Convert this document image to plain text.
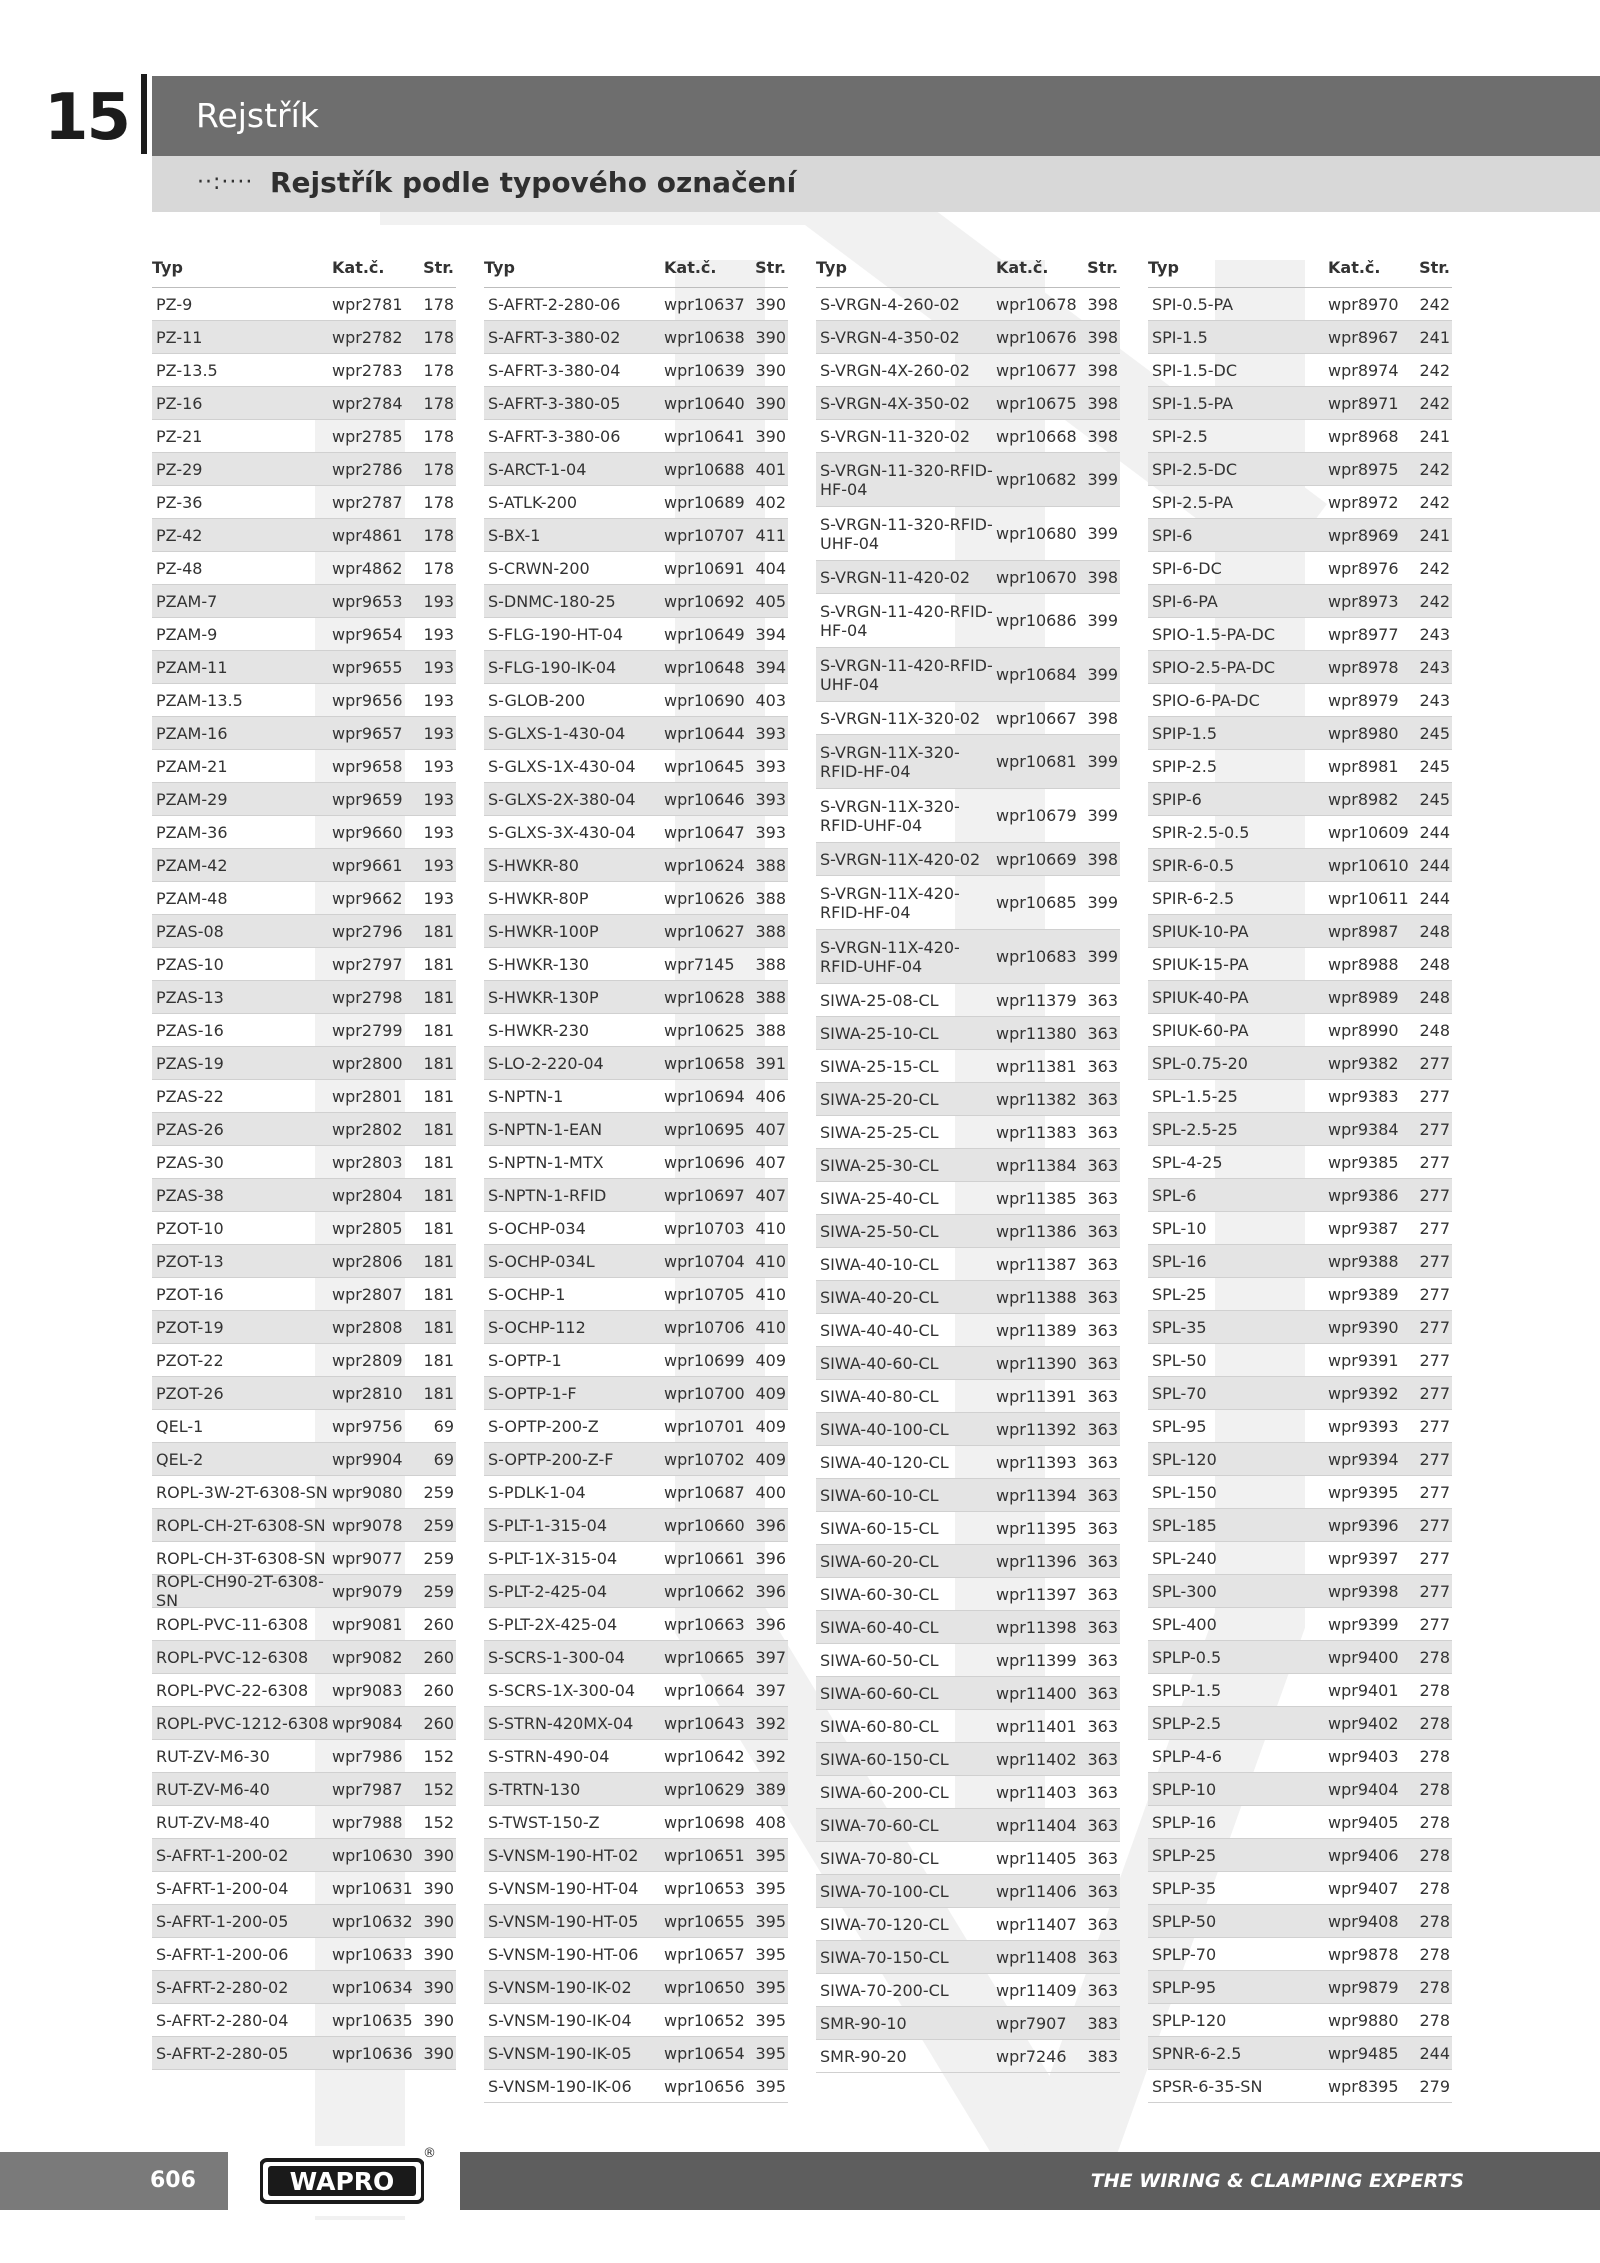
15 Rejstřík
··:···· Rejstřík podle typového označení
Typ	Kat.č.	Str.
PZ-9	wpr2781	178
PZ-11	wpr2782	178
PZ-13.5	wpr2783	178
PZ-16	wpr2784	178
PZ-21	wpr2785	178
PZ-29	wpr2786	178
PZ-36	wpr2787	178
PZ-42	wpr4861	178
PZ-48	wpr4862	178
PZAM-7	wpr9653	193
PZAM-9	wpr9654	193
PZAM-11	wpr9655	193
PZAM-13.5	wpr9656	193
PZAM-16	wpr9657	193
PZAM-21	wpr9658	193
PZAM-29	wpr9659	193
PZAM-36	wpr9660	193
PZAM-42	wpr9661	193
PZAM-48	wpr9662	193
PZAS-08	wpr2796	181
PZAS-10	wpr2797	181
PZAS-13	wpr2798	181
PZAS-16	wpr2799	181
PZAS-19	wpr2800	181
PZAS-22	wpr2801	181
PZAS-26	wpr2802	181
PZAS-30	wpr2803	181
PZAS-38	wpr2804	181
PZOT-10	wpr2805	181
PZOT-13	wpr2806	181
PZOT-16	wpr2807	181
PZOT-19	wpr2808	181
PZOT-22	wpr2809	181
PZOT-26	wpr2810	181
QEL-1	wpr9756	69
QEL-2	wpr9904	69
ROPL-3W-2T-6308-SN wpr9080	259
ROPL-CH-2T-6308-SN wpr9078	259
ROPL-CH-3T-6308-SN wpr9077	259
ROPL-CH90-2T-6308-SN	wpr9079	259
ROPL-PVC-11-6308	wpr9081	260
ROPL-PVC-12-6308	wpr9082	260
ROPL-PVC-22-6308	wpr9083	260
ROPL-PVC-1212-6308 wpr9084	260
RUT-ZV-M6-30	wpr7986	152
RUT-ZV-M6-40	wpr7987	152
RUT-ZV-M8-40	wpr7988	152
S-AFRT-1-200-02	wpr10630 390
S-AFRT-1-200-04	wpr10631 390
S-AFRT-1-200-05	wpr10632 390
S-AFRT-1-200-06	wpr10633 390
S-AFRT-2-280-02	wpr10634 390
S-AFRT-2-280-04	wpr10635 390
S-AFRT-2-280-05	wpr10636 390
Typ	Kat.č.	Str.
S-AFRT-2-280-06	wpr10637 390
S-AFRT-3-380-02	wpr10638 390
S-AFRT-3-380-04	wpr10639 390
S-AFRT-3-380-05	wpr10640 390
S-AFRT-3-380-06	wpr10641 390
S-ARCT-1-04	wpr10688 401
S-ATLK-200	wpr10689 402
S-BX-1	wpr10707 411
S-CRWN-200	wpr10691 404
S-DNMC-180-25	wpr10692 405
S-FLG-190-HT-04	wpr10649 394
S-FLG-190-IK-04	wpr10648 394
S-GLOB-200	wpr10690 403
S-GLXS-1-430-04	wpr10644 393
S-GLXS-1X-430-04	wpr10645 393
S-GLXS-2X-380-04	wpr10646 393
S-GLXS-3X-430-04	wpr10647 393
S-HWKR-80	wpr10624 388
S-HWKR-80P	wpr10626 388
S-HWKR-100P	wpr10627 388
S-HWKR-130	wpr7145	388
S-HWKR-130P	wpr10628 388
S-HWKR-230	wpr10625 388
S-LO-2-220-04	wpr10658 391
S-NPTN-1	wpr10694 406
S-NPTN-1-EAN	wpr10695 407
S-NPTN-1-MTX	wpr10696 407
S-NPTN-1-RFID	wpr10697 407
S-OCHP-034	wpr10703 410
S-OCHP-034L	wpr10704 410
S-OCHP-1	wpr10705 410
S-OCHP-112	wpr10706 410
S-OPTP-1	wpr10699 409
S-OPTP-1-F	wpr10700 409
S-OPTP-200-Z	wpr10701 409
S-OPTP-200-Z-F	wpr10702 409
S-PDLK-1-04	wpr10687 400
S-PLT-1-315-04	wpr10660 396
S-PLT-1X-315-04	wpr10661 396
S-PLT-2-425-04	wpr10662 396
S-PLT-2X-425-04	wpr10663 396
S-SCRS-1-300-04	wpr10665 397
S-SCRS-1X-300-04	wpr10664 397
S-STRN-420MX-04	wpr10643 392
S-STRN-490-04	wpr10642 392
S-TRTN-130	wpr10629 389
S-TWST-150-Z	wpr10698 408
S-VNSM-190-HT-02	wpr10651 395
S-VNSM-190-HT-04	wpr10653 395
S-VNSM-190-HT-05	wpr10655 395
S-VNSM-190-HT-06	wpr10657 395
S-VNSM-190-IK-02	wpr10650 395
S-VNSM-190-IK-04	wpr10652 395
S-VNSM-190-IK-05	wpr10654 395
S-VNSM-190-IK-06	wpr10656 395
Typ	Kat.č.	Str.
S-VRGN-4-260-02	wpr10678 398
S-VRGN-4-350-02	wpr10676 398
S-VRGN-4X-260-02	wpr10677 398
S-VRGN-4X-350-02	wpr10675 398
S-VRGN-11-320-02	wpr10668 398
S-VRGN-11-320-RFID-HF-04	wpr10682 399
S-VRGN-11-320-RFID-UHF-04	wpr10680 399
S-VRGN-11-420-02	wpr10670 398
S-VRGN-11-420-RFID-HF-04	wpr10686 399
S-VRGN-11-420-RFID-UHF-04	wpr10684 399
S-VRGN-11X-320-02 wpr10667 398
S-VRGN-11X-320-RFID-HF-04	wpr10681 399
S-VRGN-11X-320-RFID-UHF-04	wpr10679 399
S-VRGN-11X-420-02 wpr10669 398
S-VRGN-11X-420-RFID-HF-04	wpr10685 399
S-VRGN-11X-420-RFID-UHF-04	wpr10683 399
SIWA-25-08-CL	wpr11379 363
SIWA-25-10-CL	wpr11380 363
SIWA-25-15-CL	wpr11381 363
SIWA-25-20-CL	wpr11382 363
SIWA-25-25-CL	wpr11383 363
SIWA-25-30-CL	wpr11384 363
SIWA-25-40-CL	wpr11385 363
SIWA-25-50-CL	wpr11386 363
SIWA-40-10-CL	wpr11387 363
SIWA-40-20-CL	wpr11388 363
SIWA-40-40-CL	wpr11389 363
SIWA-40-60-CL	wpr11390 363
SIWA-40-80-CL	wpr11391 363
SIWA-40-100-CL	wpr11392 363
SIWA-40-120-CL	wpr11393 363
SIWA-60-10-CL	wpr11394 363
SIWA-60-15-CL	wpr11395 363
SIWA-60-20-CL	wpr11396 363
SIWA-60-30-CL	wpr11397 363
SIWA-60-40-CL	wpr11398 363
SIWA-60-50-CL	wpr11399 363
SIWA-60-60-CL	wpr11400 363
SIWA-60-80-CL	wpr11401 363
SIWA-60-150-CL	wpr11402 363
SIWA-60-200-CL	wpr11403 363
SIWA-70-60-CL	wpr11404 363
SIWA-70-80-CL	wpr11405 363
SIWA-70-100-CL	wpr11406 363
SIWA-70-120-CL	wpr11407 363
SIWA-70-150-CL	wpr11408 363
SIWA-70-200-CL	wpr11409 363
SMR-90-10	wpr7907	383
SMR-90-20	wpr7246	383
Typ	Kat.č.	Str.
SPI-0.5-PA	wpr8970	242
SPI-1.5	wpr8967	241
SPI-1.5-DC	wpr8974	242
SPI-1.5-PA	wpr8971	242
SPI-2.5	wpr8968	241
SPI-2.5-DC	wpr8975	242
SPI-2.5-PA	wpr8972	242
SPI-6	wpr8969	241
SPI-6-DC	wpr8976	242
SPI-6-PA	wpr8973	242
SPIO-1.5-PA-DC	wpr8977	243
SPIO-2.5-PA-DC	wpr8978	243
SPIO-6-PA-DC	wpr8979	243
SPIP-1.5	wpr8980	245
SPIP-2.5	wpr8981	245
SPIP-6	wpr8982	245
SPIR-2.5-0.5	wpr10609 244
SPIR-6-0.5	wpr10610 244
SPIR-6-2.5	wpr10611 244
SPIUK-10-PA	wpr8987	248
SPIUK-15-PA	wpr8988	248
SPIUK-40-PA	wpr8989	248
SPIUK-60-PA	wpr8990	248
SPL-0.75-20	wpr9382	277
SPL-1.5-25	wpr9383	277
SPL-2.5-25	wpr9384	277
SPL-4-25	wpr9385	277
SPL-6	wpr9386	277
SPL-10	wpr9387	277
SPL-16	wpr9388	277
SPL-25	wpr9389	277
SPL-35	wpr9390	277
SPL-50	wpr9391	277
SPL-70	wpr9392	277
SPL-95	wpr9393	277
SPL-120	wpr9394	277
SPL-150	wpr9395	277
SPL-185	wpr9396	277
SPL-240	wpr9397	277
SPL-300	wpr9398	277
SPL-400	wpr9399	277
SPLP-0.5	wpr9400	278
SPLP-1.5	wpr9401	278
SPLP-2.5	wpr9402	278
SPLP-4-6	wpr9403	278
SPLP-10	wpr9404	278
SPLP-16	wpr9405	278
SPLP-25	wpr9406	278
SPLP-35	wpr9407	278
SPLP-50	wpr9408	278
SPLP-70	wpr9878	278
SPLP-95	wpr9879	278
SPLP-120	wpr9880	278
SPNR-6-2.5	wpr9485	244
SPSR-6-35-SN	wpr8395	279
606	WAPRO
®
THE WIRING & CLAMPING EXPERTS
